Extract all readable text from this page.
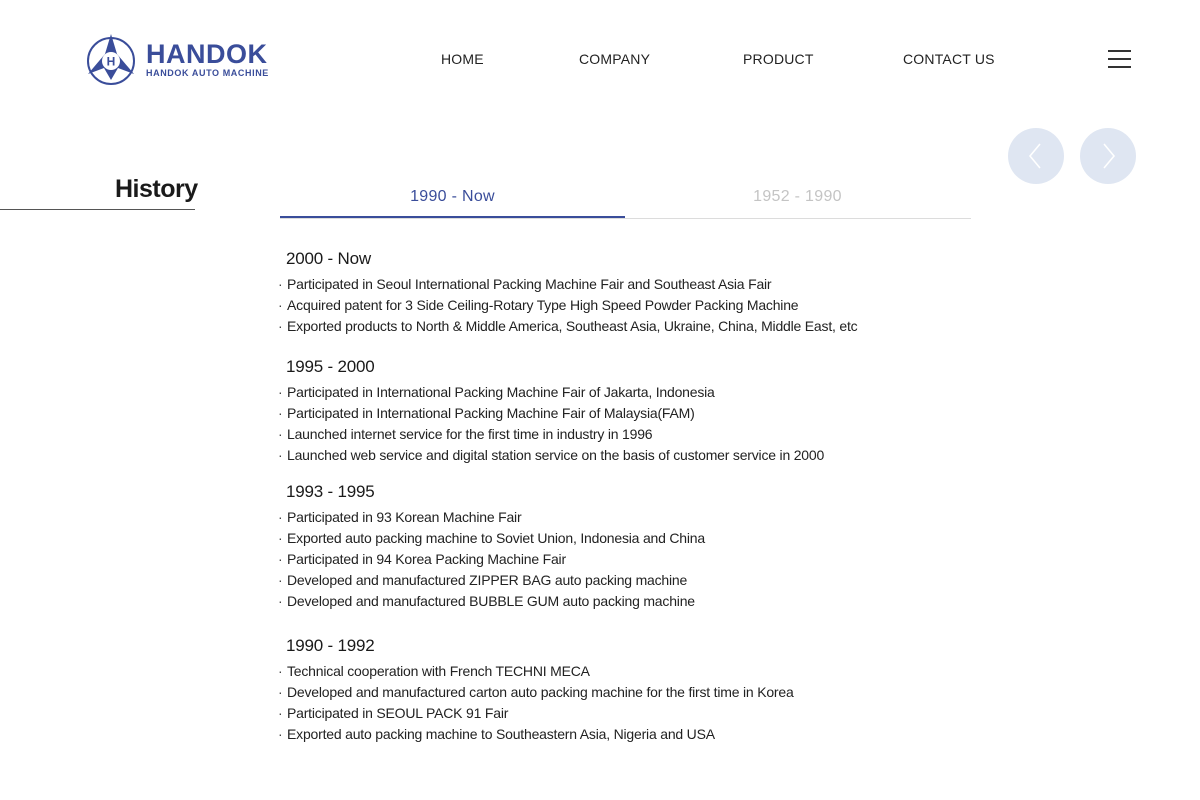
H HANDOK
HANDOK AUTO MACHINE
HOME	COMPANY	PRODUCT	CONTACT US
History	1990 - Now	1952 - 1990
2000 - Now
· Participated in Seoul International Packing Machine Fair and Southeast Asia Fair
· Acquired patent for 3 Side Ceiling-Rotary Type High Speed Powder Packing Machine
· Exported products to North & Middle America, Southeast Asia, Ukraine, China, Middle East, etc
1995 - 2000
· Participated in International Packing Machine Fair of Jakarta, Indonesia
· Participated in International Packing Machine Fair of Malaysia(FAM)
· Launched internet service for the first time in industry in 1996
· Launched web service and digital station service on the basis of customer service in 2000
1993 - 1995
· Participated in 93 Korean Machine Fair
· Exported auto packing machine to Soviet Union, Indonesia and China
· Participated in 94 Korea Packing Machine Fair
· Developed and manufactured ZIPPER BAG auto packing machine
· Developed and manufactured BUBBLE GUM auto packing machine
1990 - 1992
· Technical cooperation with French TECHNI MECA
· Developed and manufactured carton auto packing machine for the first time in Korea
· Participated in SEOUL PACK 91 Fair
· Exported auto packing machine to Southeastern Asia, Nigeria and USA
